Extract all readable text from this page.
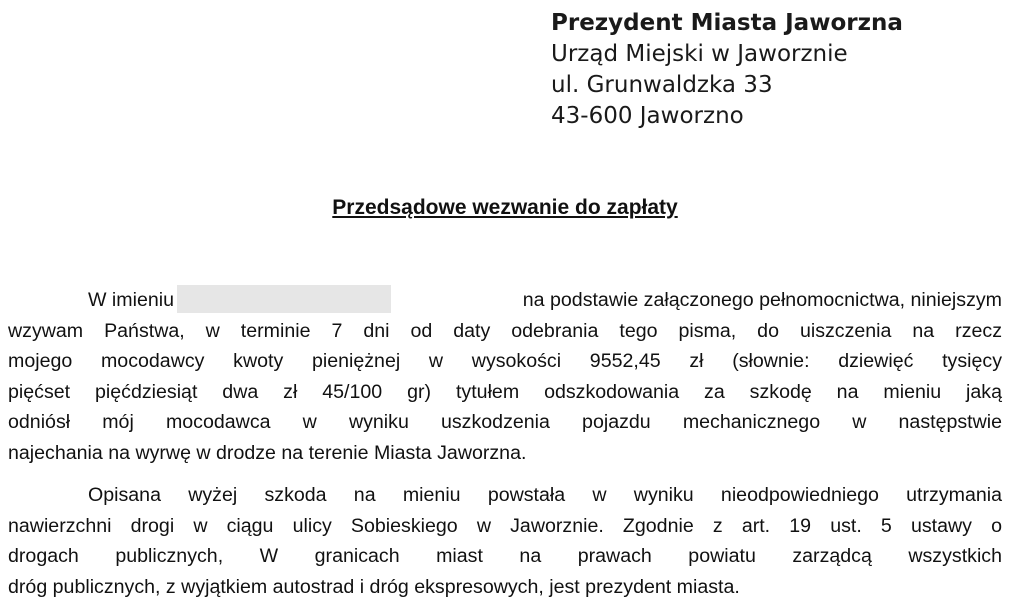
Prezydent Miasta Jaworzna
Urząd Miejski w Jaworznie
ul. Grunwaldzka 33
43-600 Jaworzno
Przedsądowe wezwanie do zapłaty
W imieniu	na podstawie załączonego pełnomocnictwa, niniejszym
wzywam Państwa, w terminie 7 dni od daty odebrania tego pisma, do uiszczenia na rzecz
mojego mocodawcy kwoty pieniężnej w wysokości 9552,45 zł (słownie: dziewięć tysięcy
pięćset pięćdziesiąt dwa zł 45/100 gr) tytułem odszkodowania za szkodę na mieniu jaką
odniósł mój mocodawca w wyniku uszkodzenia pojazdu mechanicznego w następstwie
najechania na wyrwę w drodze na terenie Miasta Jaworzna.
Opisana wyżej szkoda na mieniu powstała w wyniku nieodpowiedniego utrzymania
nawierzchni drogi w ciągu ulicy Sobieskiego w Jaworznie. Zgodnie z art. 19 ust. 5 ustawy o
drogach publicznych, W granicach miast na prawach powiatu zarządcą wszystkich
dróg publicznych, z wyjątkiem autostrad i dróg ekspresowych, jest prezydent miasta.
